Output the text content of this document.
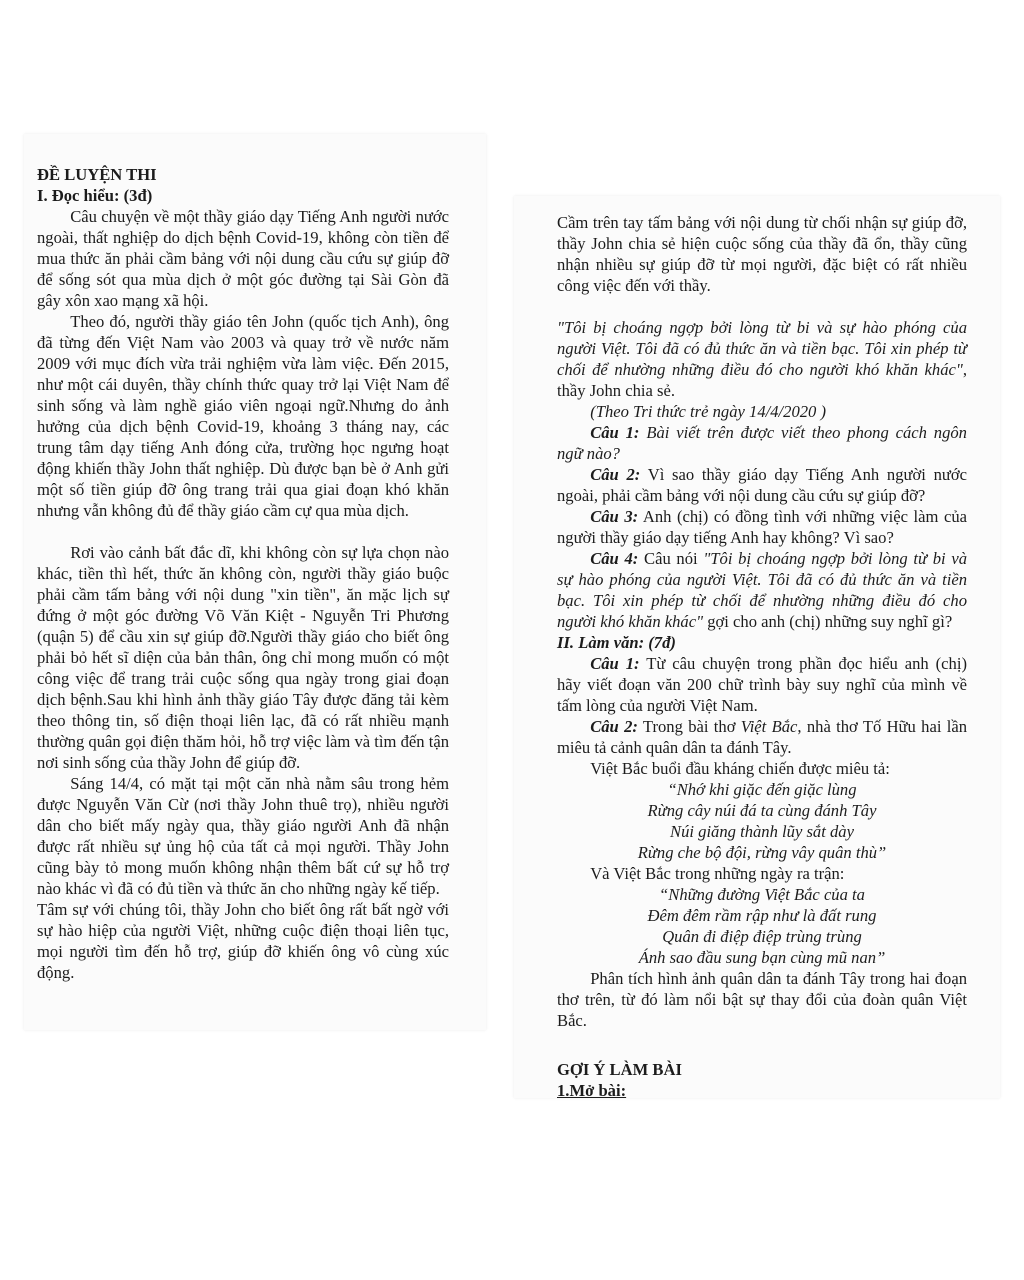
ĐỀ LUYỆN THI

I. Đọc hiểu: (3đ)

Câu chuyện về một thầy giáo dạy Tiếng Anh người nước ngoài, thất nghiệp do dịch bệnh Covid-19, không còn tiền để mua thức ăn phải cầm bảng với nội dung cầu cứu sự giúp đỡ để sống sót qua mùa dịch ở một góc đường tại Sài Gòn đã gây xôn xao mạng xã hội.

Theo đó, người thầy giáo tên John (quốc tịch Anh), ông đã từng đến Việt Nam vào 2003 và quay trở về nước năm 2009 với mục đích vừa trải nghiệm vừa làm việc. Đến 2015, như một cái duyên, thầy chính thức quay trở lại Việt Nam để sinh sống và làm nghề giáo viên ngoại ngữ.Nhưng do ảnh hưởng của dịch bệnh Covid-19, khoảng 3 tháng nay, các trung tâm dạy tiếng Anh đóng cửa, trường học ngưng hoạt động khiến thầy John thất nghiệp. Dù được bạn bè ở Anh gửi một số tiền giúp đỡ ông trang trải qua giai đoạn khó khăn nhưng vẫn không đủ để thầy giáo cầm cự qua mùa dịch.

Rơi vào cảnh bất đắc dĩ, khi không còn sự lựa chọn nào khác, tiền thì hết, thức ăn không còn, người thầy giáo buộc phải cầm tấm bảng với nội dung "xin tiền", ăn mặc lịch sự đứng ở một góc đường Võ Văn Kiệt - Nguyễn Tri Phương (quận 5) để cầu xin sự giúp đỡ.Người thầy giáo cho biết ông phải bỏ hết sĩ diện của bản thân, ông chỉ mong muốn có một công việc để trang trải cuộc sống qua ngày trong giai đoạn dịch bệnh.Sau khi hình ảnh thầy giáo Tây được đăng tải kèm theo thông tin, số điện thoại liên lạc, đã có rất nhiều mạnh thường quân gọi điện thăm hỏi, hỗ trợ việc làm và tìm đến tận nơi sinh sống của thầy John để giúp đỡ.

Sáng 14/4, có mặt tại một căn nhà nằm sâu trong hẻm được Nguyễn Văn Cừ (nơi thầy John thuê trọ), nhiều người dân cho biết mấy ngày qua, thầy giáo người Anh đã nhận được rất nhiều sự ủng hộ của tất cả mọi người. Thầy John cũng bày tỏ mong muốn không nhận thêm bất cứ sự hỗ trợ nào khác vì đã có đủ tiền và thức ăn cho những ngày kế tiếp.

Tâm sự với chúng tôi, thầy John cho biết ông rất bất ngờ với sự hào hiệp của người Việt, những cuộc điện thoại liên tục, mọi người tìm đến hỗ trợ, giúp đỡ khiến ông vô cùng xúc động.

Cầm trên tay tấm bảng với nội dung từ chối nhận sự giúp đỡ, thầy John chia sẻ hiện cuộc sống của thầy đã ổn, thầy cũng nhận nhiều sự giúp đỡ từ mọi người, đặc biệt có rất nhiều công việc đến với thầy.

"Tôi bị choáng ngợp bởi lòng từ bi và sự hào phóng của người Việt. Tôi đã có đủ thức ăn và tiền bạc. Tôi xin phép từ chối để nhường những điều đó cho người khó khăn khác", thầy John chia sẻ.

(Theo Tri thức trẻ ngày 14/4/2020 )

Câu 1: Bài viết trên được viết theo phong cách ngôn ngữ nào?

Câu 2: Vì sao thầy giáo dạy Tiếng Anh người nước ngoài, phải cầm bảng với nội dung cầu cứu sự giúp đỡ?

Câu 3: Anh (chị) có đồng tình với những việc làm của người thầy giáo dạy tiếng Anh hay không? Vì sao?

Câu 4: Câu nói "Tôi bị choáng ngợp bởi lòng từ bi và sự hào phóng của người Việt. Tôi đã có đủ thức ăn và tiền bạc. Tôi xin phép từ chối để nhường những điều đó cho người khó khăn khác" gợi cho anh (chị) những suy nghĩ gì?

II. Làm văn: (7đ)

Câu 1: Từ câu chuyện trong phần đọc hiểu anh (chị) hãy viết đoạn văn 200 chữ trình bày suy nghĩ của mình về tấm lòng của người Việt Nam.

Câu 2: Trong bài thơ Việt Bắc, nhà thơ Tố Hữu hai lần miêu tả cảnh quân dân ta đánh Tây.

Việt Bắc buổi đầu kháng chiến được miêu tả:

“Nhớ khi giặc đến giặc lùng

Rừng cây núi đá ta cùng đánh Tây

Núi giăng thành lũy sắt dày

Rừng che bộ đội, rừng vây quân thù”

Và Việt Bắc trong những ngày ra trận:

“Những đường Việt Bắc của ta

Đêm đêm rầm rập như là đất rung

Quân đi điệp điệp trùng trùng

Ánh sao đầu sung bạn cùng mũ nan”

Phân tích hình ảnh quân dân ta đánh Tây trong hai đoạn thơ trên, từ đó làm nổi bật sự thay đổi của đoàn quân Việt Bắc.

GỢI Ý LÀM BÀI

1.Mở bài:
